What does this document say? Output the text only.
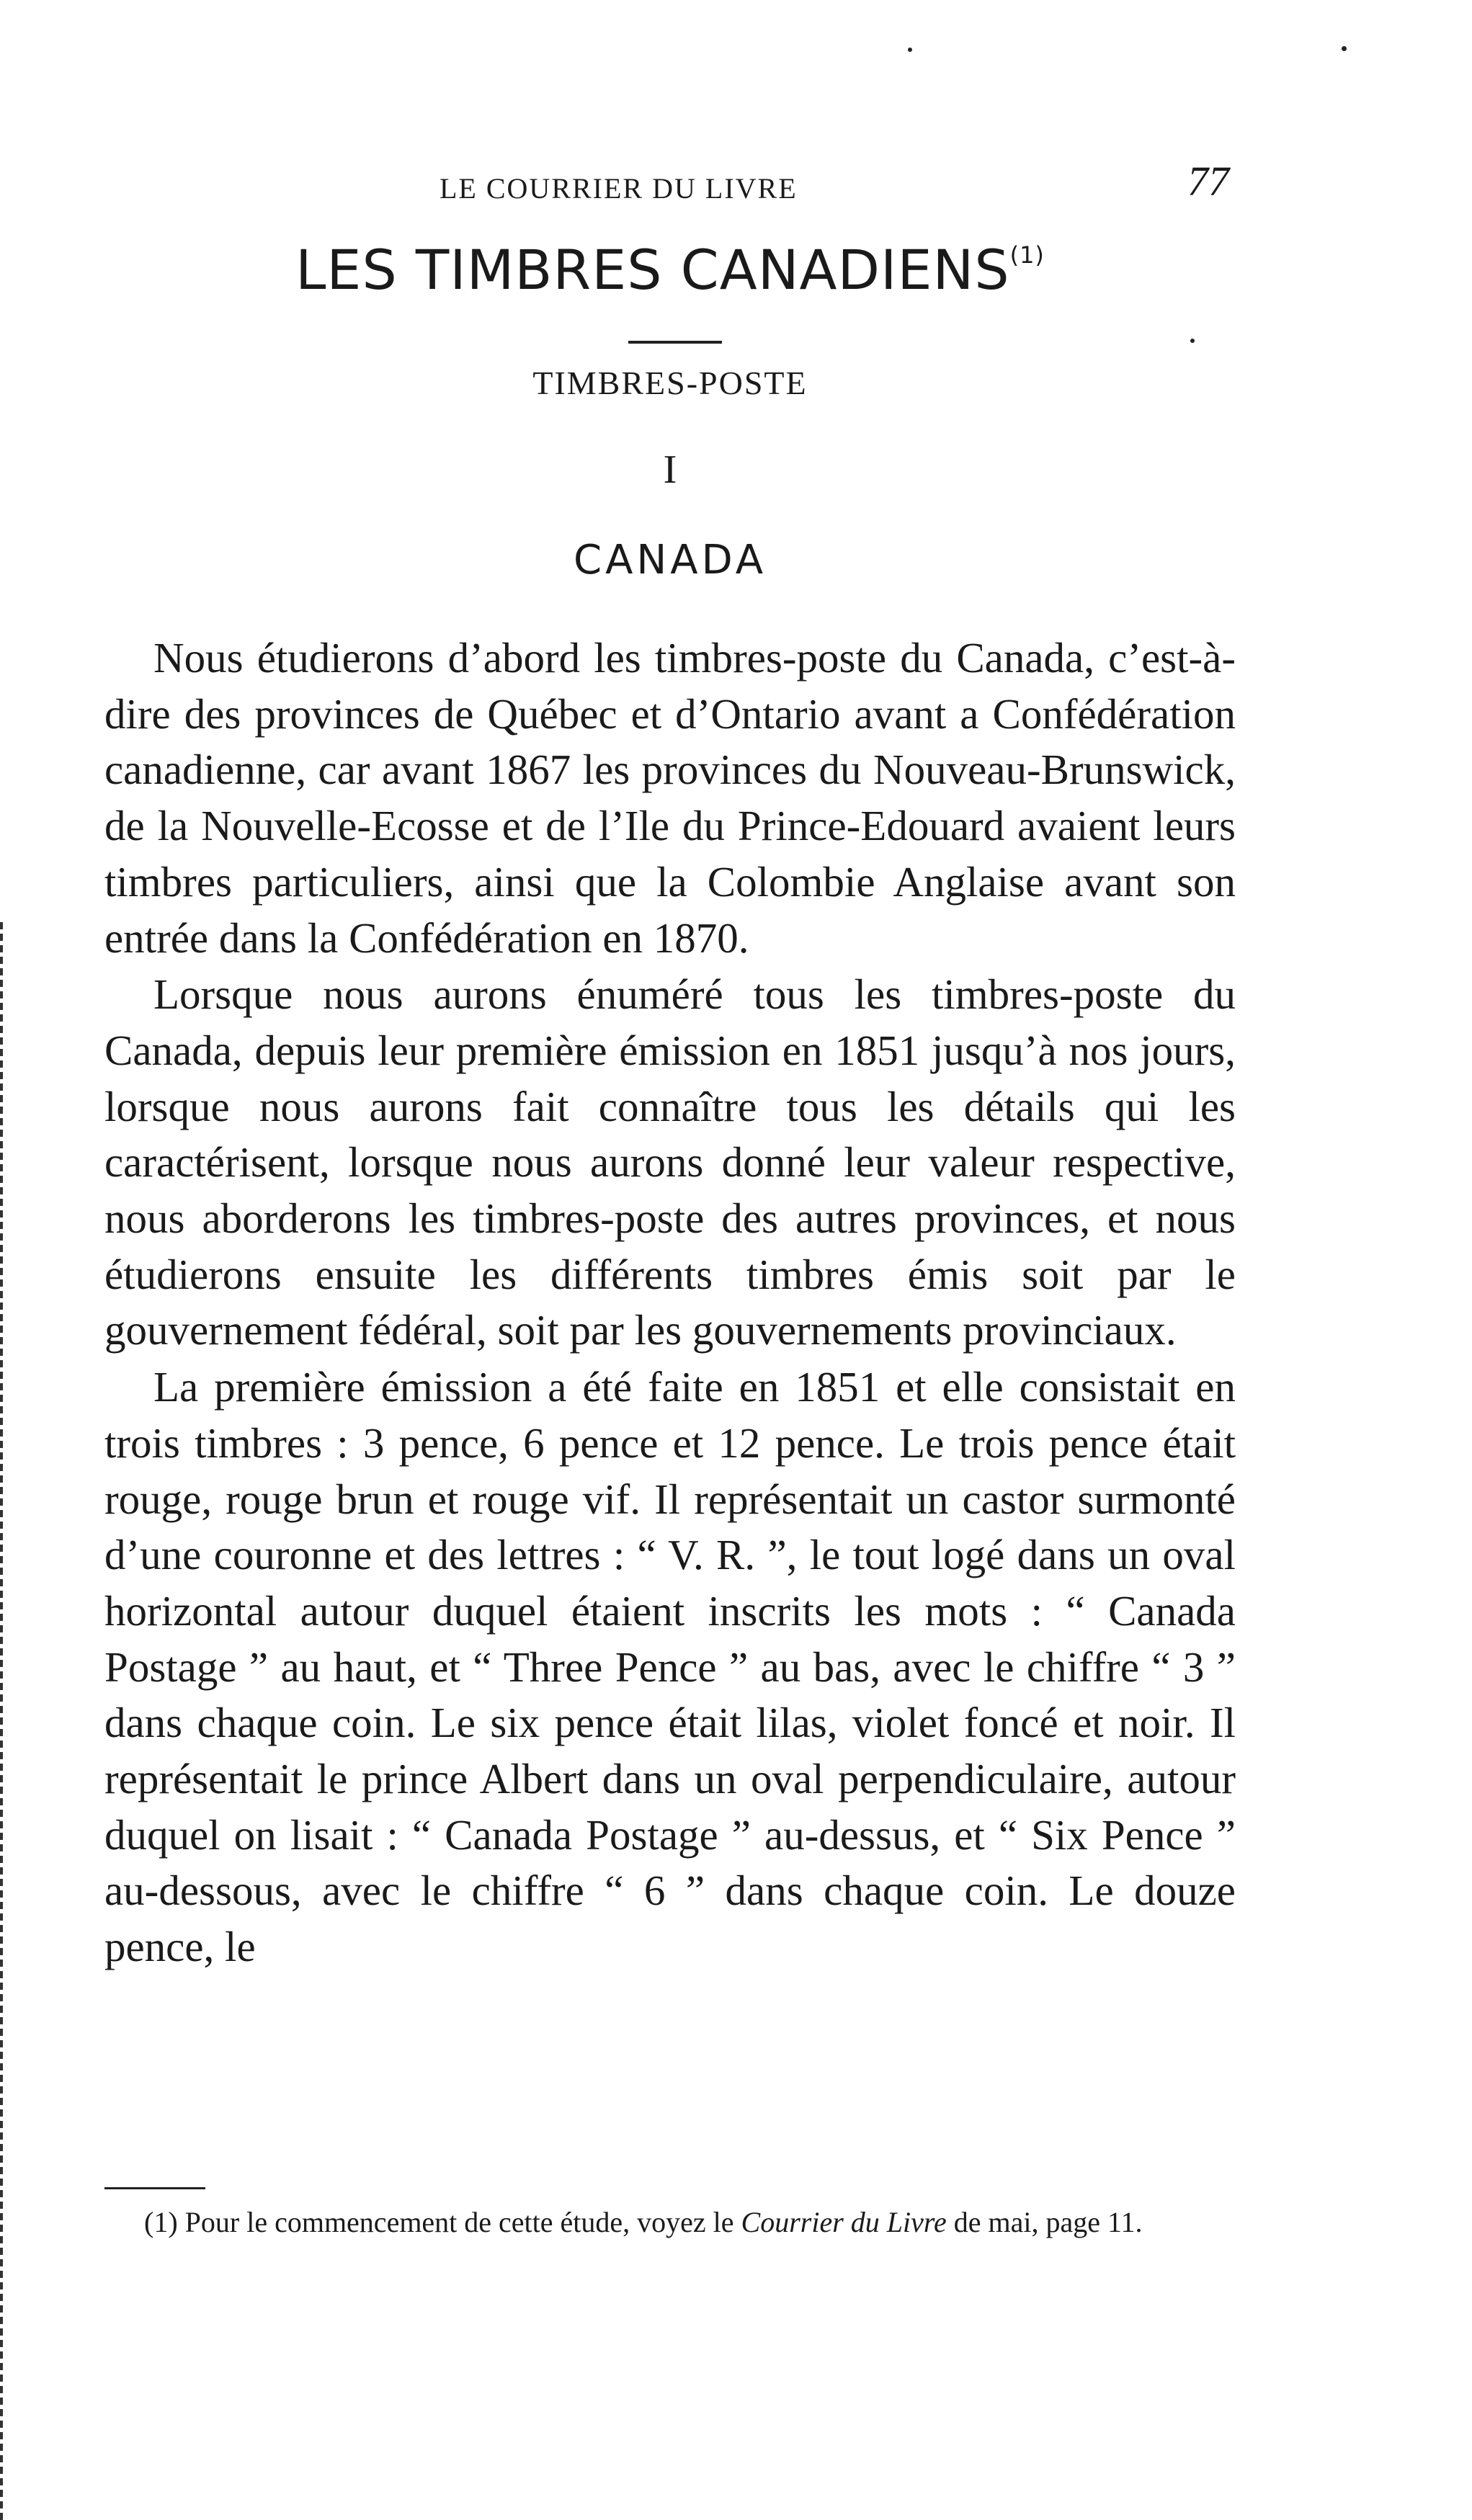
LE COURRIER DU LIVRE	77
LES TIMBRES CANADIENS$^{(1)}$
TIMBRES-POSTE
I
CANADA

Nous étudierons d’abord les timbres-poste du Canada, c’est-à-dire des provinces de Québec et d’Ontario avant a Confédération canadienne, car avant 1867 les provinces du Nouveau-Brunswick, de la Nouvelle-Ecosse et de l’Ile du Prince-Edouard avaient leurs timbres particuliers, ainsi que la Colombie Anglaise avant son entrée dans la Confédération en 1870.

Lorsque nous aurons énuméré tous les timbres-poste du Canada, depuis leur première émission en 1851 jusqu’à nos jours, lorsque nous aurons fait connaître tous les détails qui les caractérisent, lorsque nous aurons donné leur valeur respective, nous aborderons les timbres-poste des autres provinces, et nous étudierons ensuite les différents timbres émis soit par le gouvernement fédéral, soit par les gouvernements provinciaux.

La première émission a été faite en 1851 et elle consistait en trois timbres : 3 pence, 6 pence et 12 pence. Le trois pence était rouge, rouge brun et rouge vif. Il représentait un castor surmonté d’une couronne et des lettres : “ V. R. ”, le tout logé dans un oval horizontal autour duquel étaient inscrits les mots : “ Canada Postage ” au haut, et “ Three Pence ” au bas, avec le chiffre “ 3 ” dans chaque coin. Le six pence était lilas, violet foncé et noir. Il représentait le prince Albert dans un oval perpendiculaire, autour duquel on lisait : “ Canada Postage ” au-dessus, et “ Six Pence ” au-dessous, avec le chiffre “ 6 ” dans chaque coin. Le douze pence, le

(1) Pour le commencement de cette étude, voyez le Courrier du Livre de mai, page 11.
